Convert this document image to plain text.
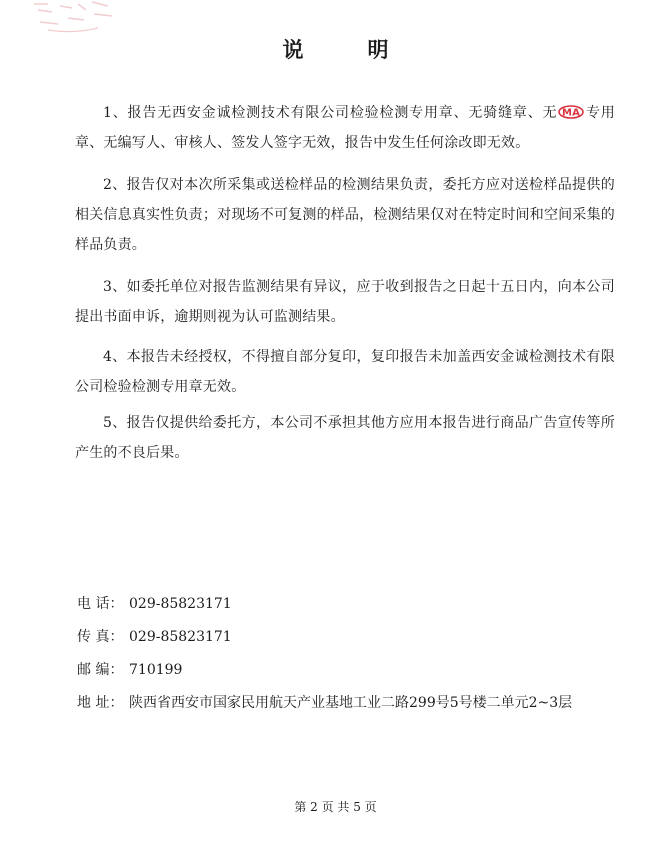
说	明
1、报告无西安金诚检测技术有限公司检验检测专用章、无骑缝章、无 MA 专用章、无编写人、审核人、签发人签字无效，报告中发生任何涂改即无效。
2、报告仅对本次所采集或送检样品的检测结果负责，委托方应对送检样品提供的相关信息真实性负责；对现场不可复测的样品，检测结果仅对在特定时间和空间采集的样品负责。
3、如委托单位对报告监测结果有异议，应于收到报告之日起十五日内，向本公司提出书面申诉，逾期则视为认可监测结果。
4、本报告未经授权，不得擅自部分复印，复印报告未加盖西安金诚检测技术有限公司检验检测专用章无效。
5、报告仅提供给委托方，本公司不承担其他方应用本报告进行商品广告宣传等所产生的不良后果。
电 话： 029-85823171
传 真： 029-85823171
邮 编： 710199
地 址： 陕西省西安市国家民用航天产业基地工业二路299号5号楼二单元2~3层
第 2 页 共 5 页
